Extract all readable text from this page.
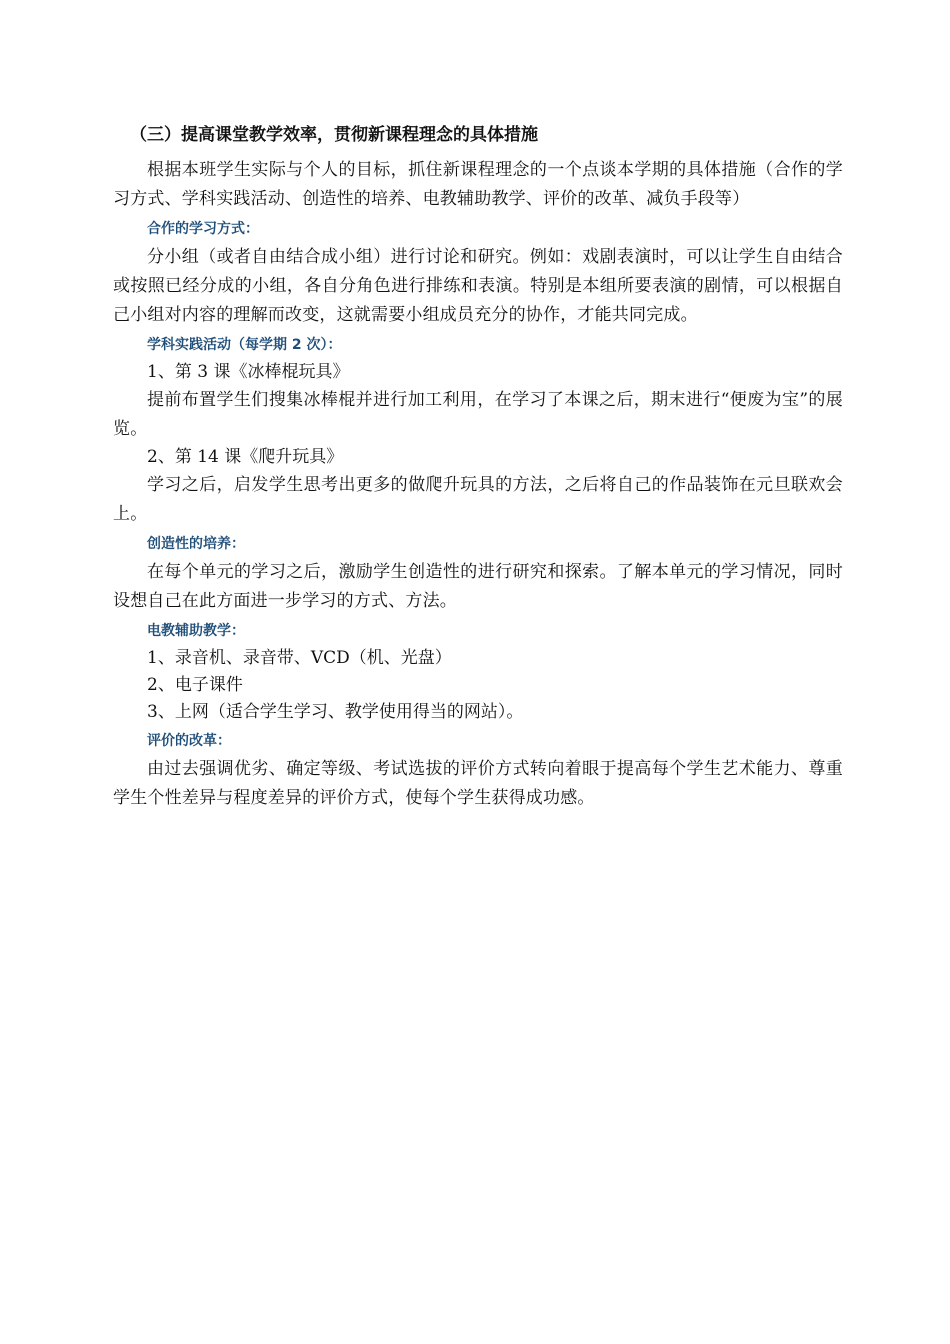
（三）提高课堂教学效率，贯彻新课程理念的具体措施

根据本班学生实际与个人的目标，抓住新课程理念的一个点谈本学期的具体措施（合作的学习方式、学科实践活动、创造性的培养、电教辅助教学、评价的改革、减负手段等）

合作的学习方式：

分小组（或者自由结合成小组）进行讨论和研究。例如：戏剧表演时，可以让学生自由结合或按照已经分成的小组，各自分角色进行排练和表演。特别是本组所要表演的剧情，可以根据自己小组对内容的理解而改变，这就需要小组成员充分的协作，才能共同完成。

学科实践活动（每学期 2 次）：
1、第 3 课《冰棒棍玩具》

提前布置学生们搜集冰棒棍并进行加工利用，在学习了本课之后，期末进行“便废为宝”的展览。

2、第 14 课《爬升玩具》

学习之后，启发学生思考出更多的做爬升玩具的方法，之后将自己的作品装饰在元旦联欢会上。

创造性的培养：

在每个单元的学习之后，激励学生创造性的进行研究和探索。了解本单元的学习情况，同时设想自己在此方面进一步学习的方式、方法。

电教辅助教学：
1、录音机、录音带、VCD（机、光盘）
2、电子课件
3、上网（适合学生学习、教学使用得当的网站）。
评价的改革：

由过去强调优劣、确定等级、考试选拔的评价方式转向着眼于提高每个学生艺术能力、尊重学生个性差异与程度差异的评价方式，使每个学生获得成功感。
